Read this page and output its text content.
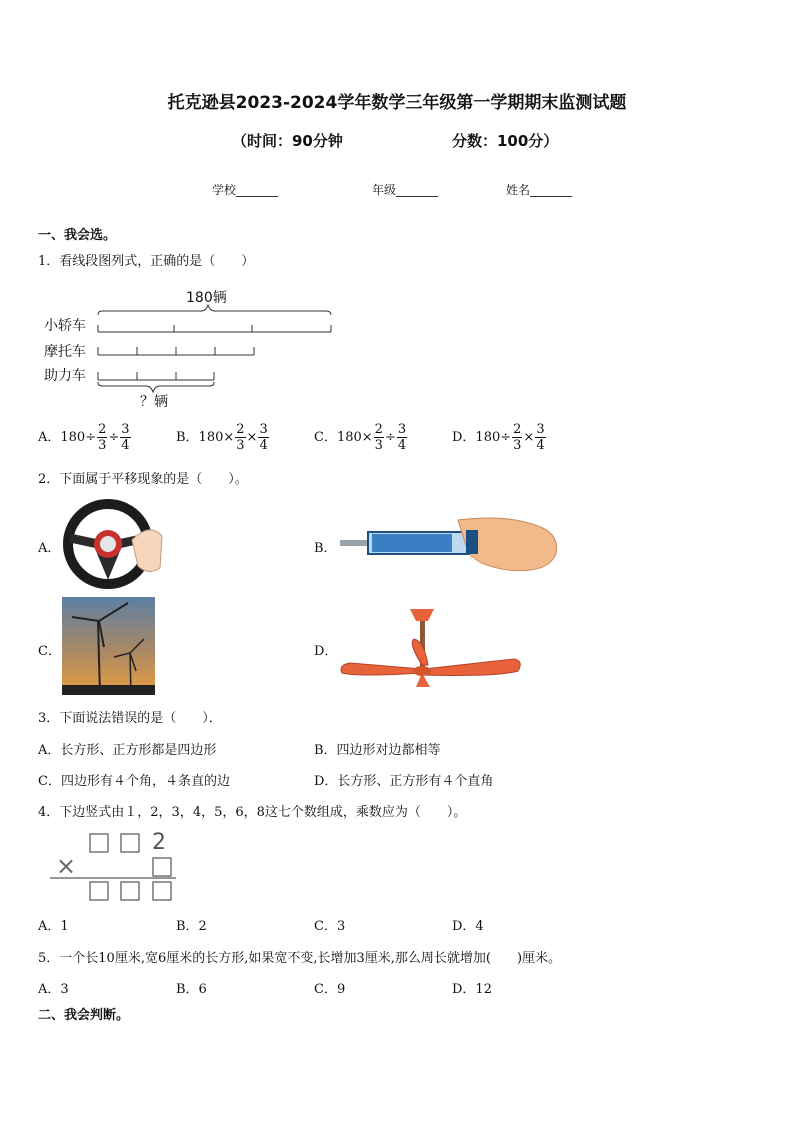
托克逊县2023-2024学年数学三年级第一学期期末监测试题
（时间：90分钟	分数：100分）
学校_______	年级_______	姓名_______
一、我会选。
1．看线段图列式，正确的是（　　）
180辆
小轿车
摩托车
助力车
？辆
A．$180\div \frac{2}{3} \div \frac{3}{4}$	B．$180\times \frac{2}{3} \times \frac{3}{4}$	C．$180\times \frac{2}{3} \div \frac{3}{4}$	D．$180\div \frac{2}{3} \times \frac{3}{4}$
2．下面属于平移现象的是（　　）。
A．	B．
C．	D．
3．下面说法错误的是（　　）．
A．长方形、正方形都是四边形	B．四边形对边都相等
C．四边形有４个角，４条直的边	D．长方形、正方形有４个直角
4．下边竖式由１，2，3，4，5，6，8这七个数组成，乘数应为（　　）。
2
×
A．1	B．2	C．3	D．4
5．一个长10厘米,宽6厘米的长方形,如果宽不变,长增加3厘米,那么周长就增加(　　)厘米。
A．3	B．6	C．9	D．12
二、我会判断。
